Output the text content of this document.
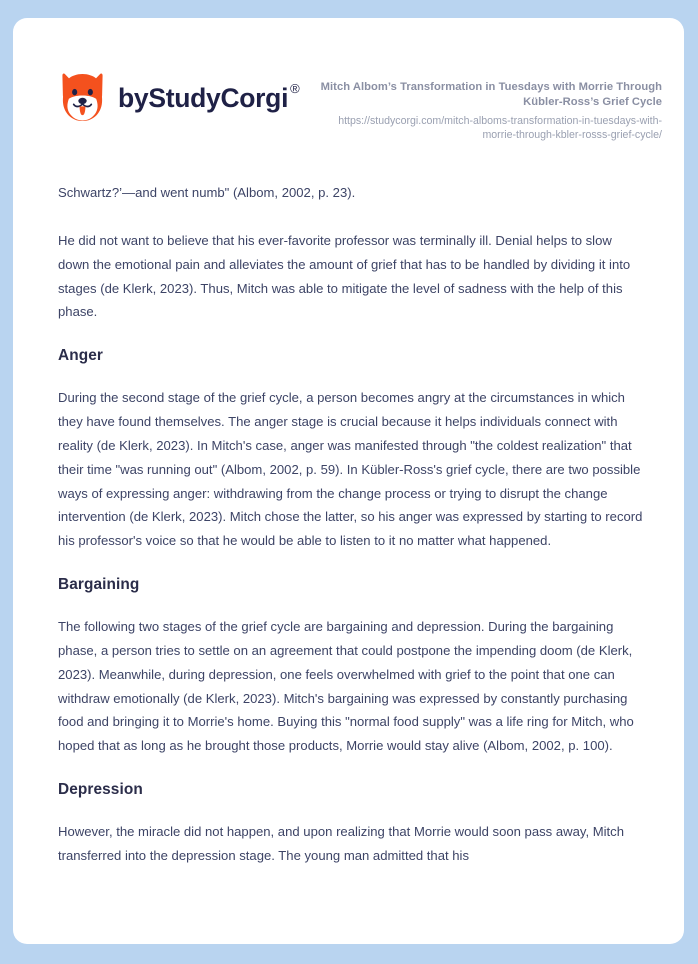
by StudyCorgi ®	Mitch Albom’s Transformation in Tuesdays with Morrie Through Kübler-Ross’s Grief Cycle

https://studycorgi.com/mitch-alboms-transformation-in-tuesdays-with-morrie-through-kbler-rosss-grief-cycle/

Schwartz?’—and went numb" (Albom, 2002, p. 23).

He did not want to believe that his ever-favorite professor was terminally ill. Denial helps to slow down the emotional pain and alleviates the amount of grief that has to be handled by dividing it into stages (de Klerk, 2023). Thus, Mitch was able to mitigate the level of sadness with the help of this phase.

Anger

During the second stage of the grief cycle, a person becomes angry at the circumstances in which they have found themselves. The anger stage is crucial because it helps individuals connect with reality (de Klerk, 2023). In Mitch's case, anger was manifested through "the coldest realization" that their time "was running out" (Albom, 2002, p. 59). In Kübler-Ross's grief cycle, there are two possible ways of expressing anger: withdrawing from the change process or trying to disrupt the change intervention (de Klerk, 2023). Mitch chose the latter, so his anger was expressed by starting to record his professor's voice so that he would be able to listen to it no matter what happened.

Bargaining

The following two stages of the grief cycle are bargaining and depression. During the bargaining phase, a person tries to settle on an agreement that could postpone the impending doom (de Klerk, 2023). Meanwhile, during depression, one feels overwhelmed with grief to the point that one can withdraw emotionally (de Klerk, 2023). Mitch's bargaining was expressed by constantly purchasing food and bringing it to Morrie's home. Buying this "normal food supply" was a life ring for Mitch, who hoped that as long as he brought those products, Morrie would stay alive (Albom, 2002, p. 100).

Depression

However, the miracle did not happen, and upon realizing that Morrie would soon pass away, Mitch transferred into the depression stage. The young man admitted that his
